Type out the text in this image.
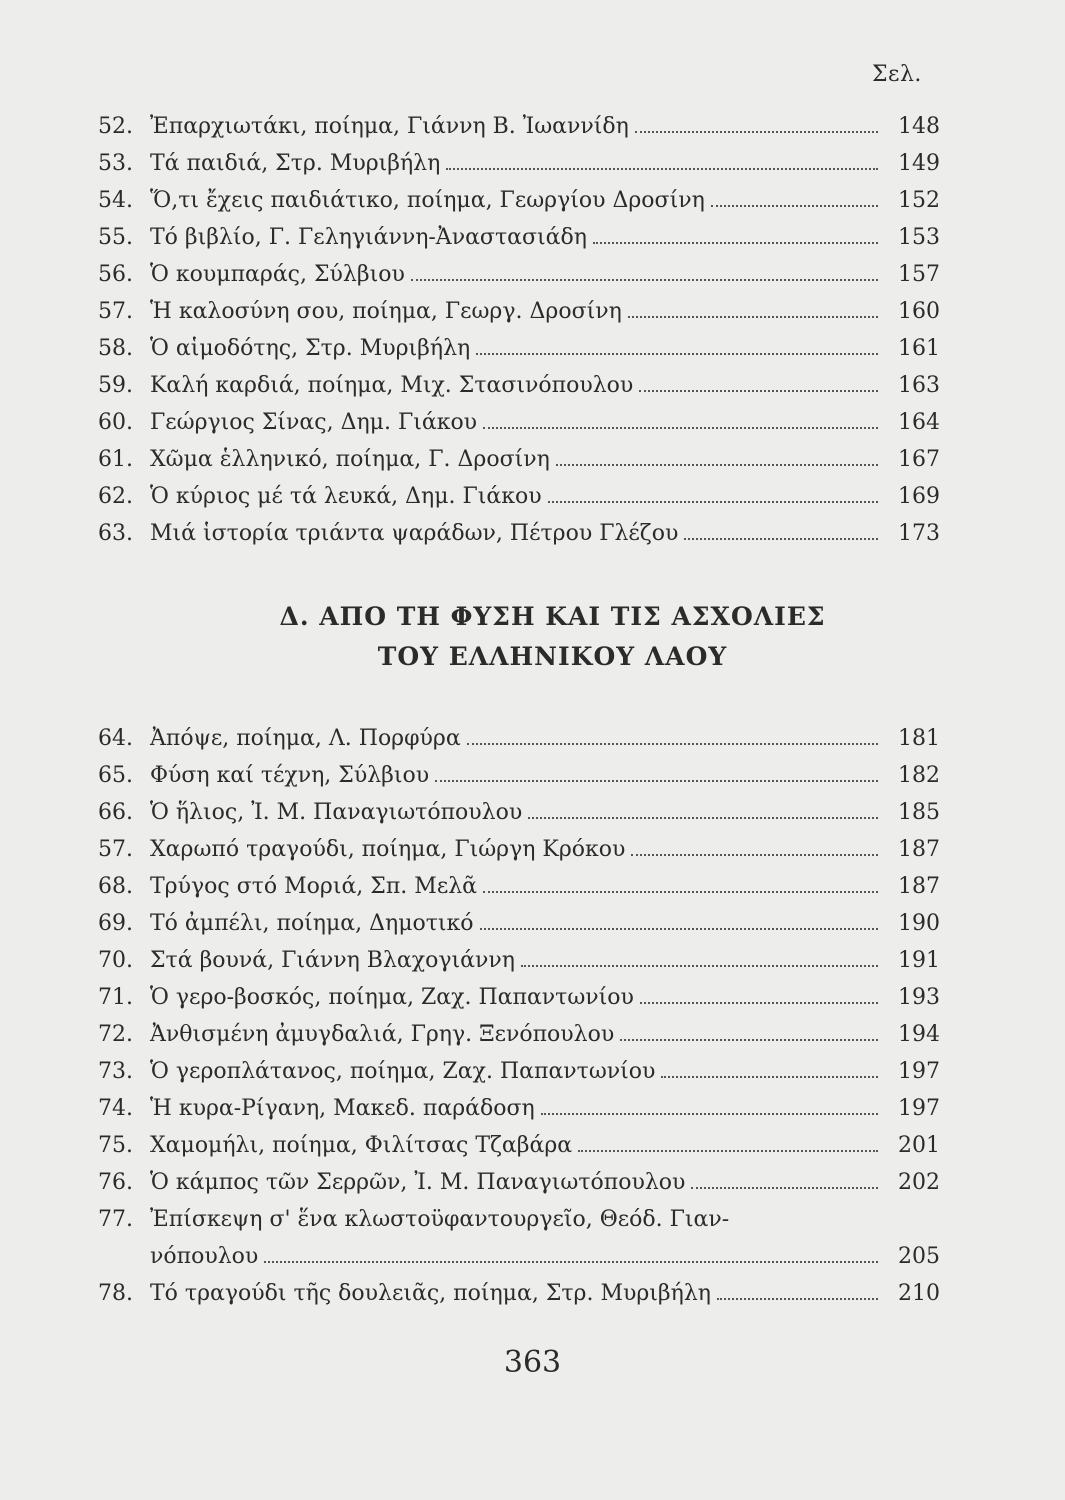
Σελ.
52. Ἐπαρχιωτάκι, ποίημα, Γιάννη Β. Ἰωαννίδη	148
53. Τά παιδιά, Στρ. Μυριβήλη	149
54. Ὅ,τι ἔχεις παιδιάτικο, ποίημα, Γεωργίου Δροσίνη	152
55. Τό βιβλίο, Γ. Γεληγιάννη-Ἀναστασιάδη	153
56. Ὁ κουμπαράς, Σύλβιου	157
57. Ἡ καλοσύνη σου, ποίημα, Γεωργ. Δροσίνη	160
58. Ὁ αἱμοδότης, Στρ. Μυριβήλη	161
59. Καλή καρδιά, ποίημα, Μιχ. Στασινόπουλου	163
60. Γεώργιος Σίνας, Δημ. Γιάκου	164
61. Χῶμα ἑλληνικό, ποίημα, Γ. Δροσίνη	167
62. Ὁ κύριος μέ τά λευκά, Δημ. Γιάκου	169
63. Μιά ἱστορία τριάντα ψαράδων, Πέτρου Γλέζου	173
Δ. ΑΠΟ ΤΗ ΦΥΣΗ ΚΑΙ ΤΙΣ ΑΣΧΟΛΙΕΣ
ΤΟΥ ΕΛΛΗΝΙΚΟΥ ΛΑΟΥ
64. Ἀπόψε, ποίημα, Λ. Πορφύρα	181
65. Φύση καί τέχνη, Σύλβιου	182
66. Ὁ ἥλιος, Ἰ. Μ. Παναγιωτόπουλου	185
57. Χαρωπό τραγούδι, ποίημα, Γιώργη Κρόκου	187
68. Τρύγος στό Μοριά, Σπ. Μελᾶ	187
69. Τό ἀμπέλι, ποίημα, Δημοτικό	190
70. Στά βουνά, Γιάννη Βλαχογιάννη	191
71. Ὁ γερο-βοσκός, ποίημα, Ζαχ. Παπαντωνίου	193
72. Ἀνθισμένη ἀμυγδαλιά, Γρηγ. Ξενόπουλου	194
73. Ὁ γεροπλάτανος, ποίημα, Ζαχ. Παπαντωνίου	197
74. Ἡ κυρα-Ρίγανη, Μακεδ. παράδοση	197
75. Χαμομήλι, ποίημα, Φιλίτσας Τζαβάρα	201
76. Ὁ κάμπος τῶν Σερρῶν, Ἰ. Μ. Παναγιωτόπουλου	202
77. Ἐπίσκεψη σ' ἕνα κλωστοϋφαντουργεῖο, Θεόδ. Γιαν-
νόπουλου	205
78. Τό τραγούδι τῆς δουλειᾶς, ποίημα, Στρ. Μυριβήλη	210
363
